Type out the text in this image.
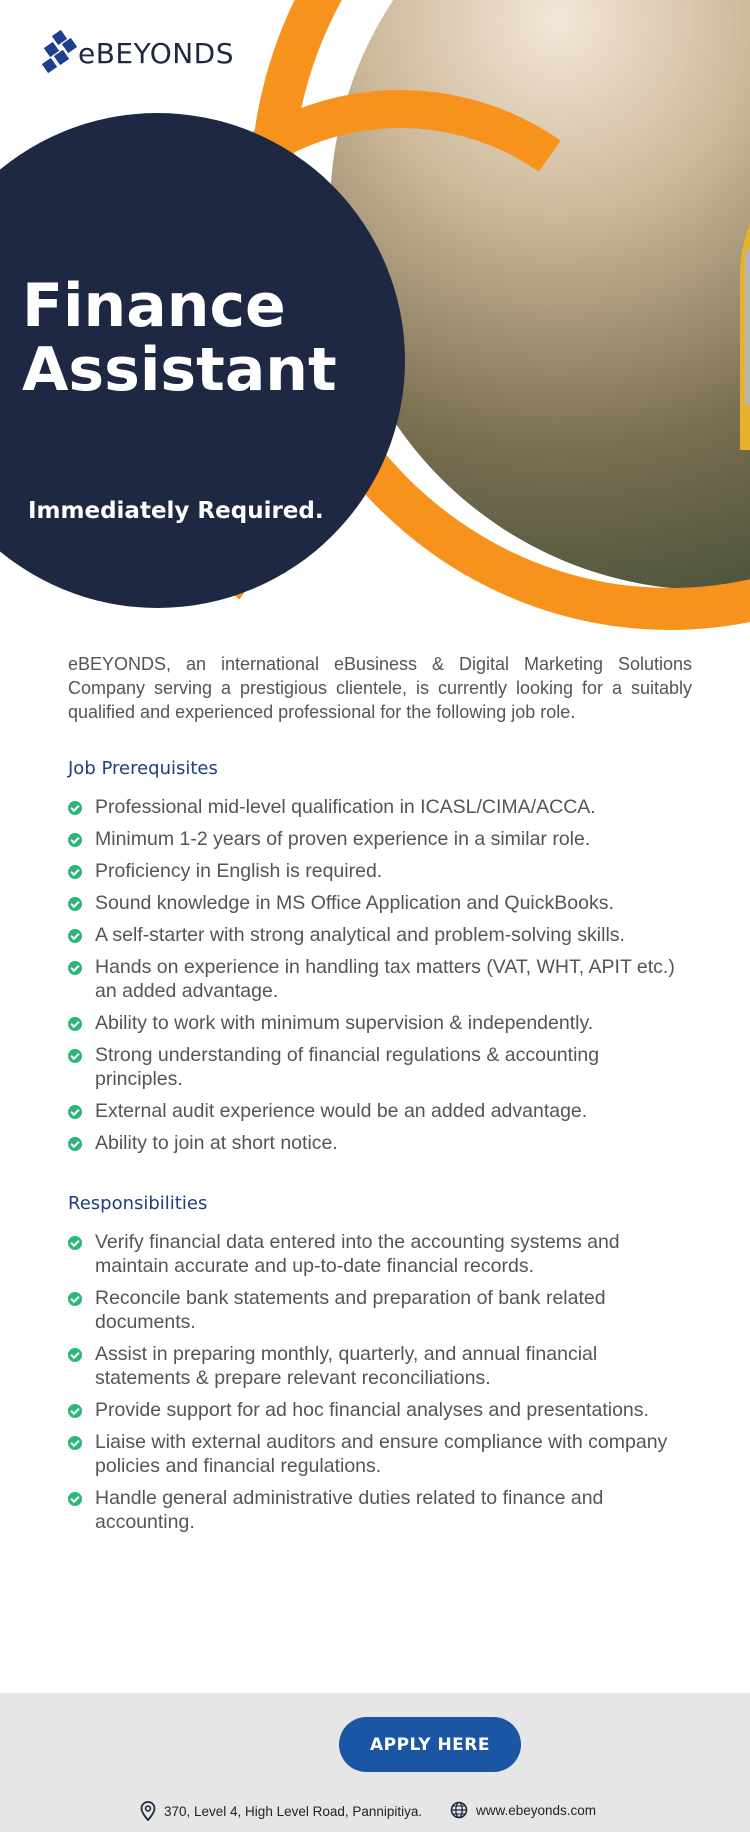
eBEYONDS
Finance
Assistant
Immediately Required.

eBEYONDS, an international eBusiness & Digital Marketing Solutions Company serving a prestigious clientele, is currently looking for a suitably qualified and experienced professional for the following job role.

Job Prerequisites
Professional mid-level qualification in ICASL/CIMA/ACCA.
Minimum 1-2 years of proven experience in a similar role.
Proficiency in English is required.
Sound knowledge in MS Office Application and QuickBooks.
A self-starter with strong analytical and problem-solving skills.
Hands on experience in handling tax matters (VAT, WHT, APIT etc.) an added advantage.
Ability to work with minimum supervision & independently.
Strong understanding of financial regulations & accounting principles.
External audit experience would be an added advantage.
Ability to join at short notice.
Responsibilities
Verify financial data entered into the accounting systems and maintain accurate and up-to-date financial records.
Reconcile bank statements and preparation of bank related documents.
Assist in preparing monthly, quarterly, and annual financial statements & prepare relevant reconciliations.
Provide support for ad hoc financial analyses and presentations.
Liaise with external auditors and ensure compliance with company policies and financial regulations.
Handle general administrative duties related to finance and accounting.
APPLY HERE
370, Level 4, High Level Road, Pannipitiya.	www.ebeyonds.com
